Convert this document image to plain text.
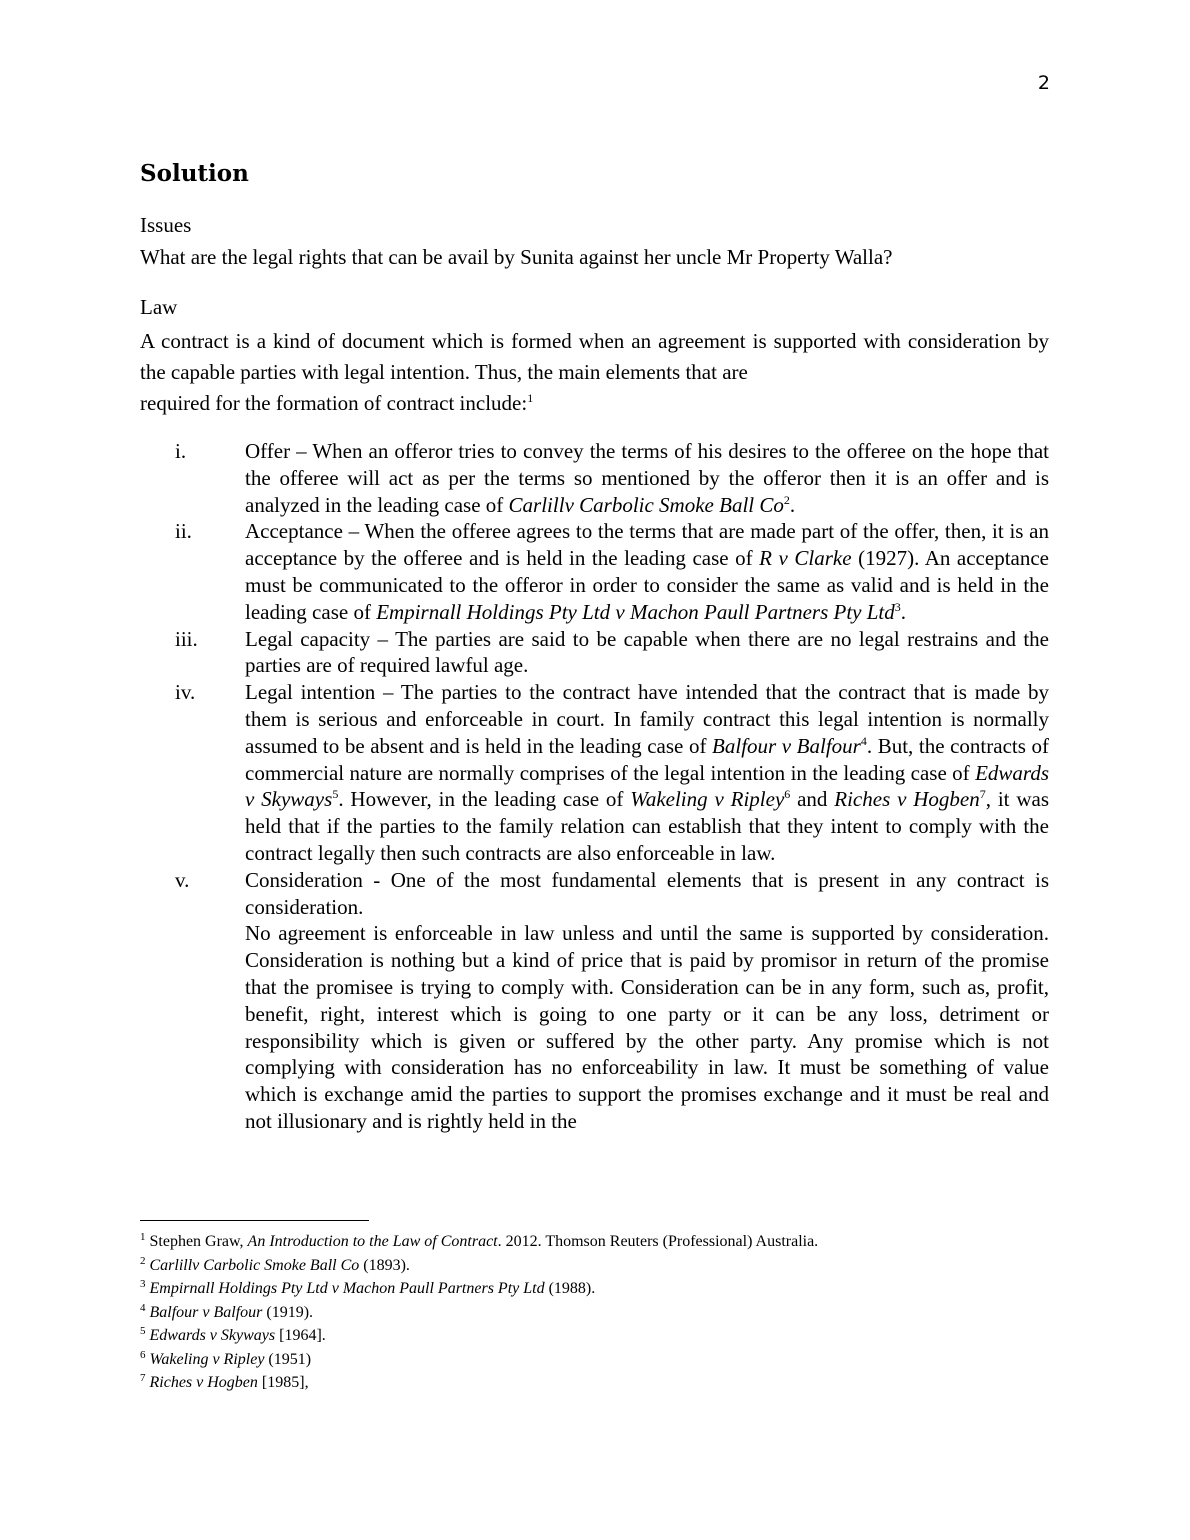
2
Solution

Issues

What are the legal rights that can be avail by Sunita against her uncle Mr Property Walla?

Law

A contract is a kind of document which is formed when an agreement is supported with consideration by the capable parties with legal intention. Thus, the main elements that are
required for the formation of contract include:$^1$
i.	Offer – When an offeror tries to convey the terms of his desires to the offeree on the hope that the offeree will act as per the terms so mentioned by the offeror then it is an offer and is analyzed in the leading case of Carlillv Carbolic Smoke Ball Co$^2$.

ii.	Acceptance – When the offeree agrees to the terms that are made part of the offer, then, it is an acceptance by the offeree and is held in the leading case of R v Clarke (1927). An acceptance must be communicated to the offeror in order to consider the same as valid and is held in the leading case of Empirnall Holdings Pty Ltd v Machon Paull Partners Pty Ltd$^3$.

iii. Legal capacity – The parties are said to be capable when there are no legal restrains and the parties are of required lawful age.

iv. Legal intention – The parties to the contract have intended that the contract that is made by them is serious and enforceable in court. In family contract this legal intention is normally assumed to be absent and is held in the leading case of Balfour v Balfour$^4$. But, the contracts of commercial nature are normally comprises of the legal intention in the leading case of Edwards v Skyways$^5$. However, in the leading case of Wakeling v Ripley$^6$ and Riches v Hogben$^7$, it was held that if the parties to the family relation can establish that they intent to comply with the contract legally then such contracts are also enforceable in law.

v.	Consideration - One of the most fundamental elements that is present in any contract is consideration.

No agreement is enforceable in law unless and until the same is supported by consideration. Consideration is nothing but a kind of price that is paid by promisor in return of the promise that the promisee is trying to comply with. Consideration can be in any form, such as, profit, benefit, right, interest which is going to one party or it can be any loss, detriment or responsibility which is given or suffered by the other party. Any promise which is not complying with consideration has no enforceability in law. It must be something of value which is exchange amid the parties to support the promises exchange and it must be real and not illusionary and is rightly held in the

$^1$ Stephen Graw, An Introduction to the Law of Contract. 2012. Thomson Reuters (Professional) Australia.
$^2$ Carlillv Carbolic Smoke Ball Co (1893).
$^3$ Empirnall Holdings Pty Ltd v Machon Paull Partners Pty Ltd (1988).
$^4$ Balfour v Balfour (1919).
$^5$ Edwards v Skyways [1964].
$^6$ Wakeling v Ripley (1951)
$^7$ Riches v Hogben [1985],
